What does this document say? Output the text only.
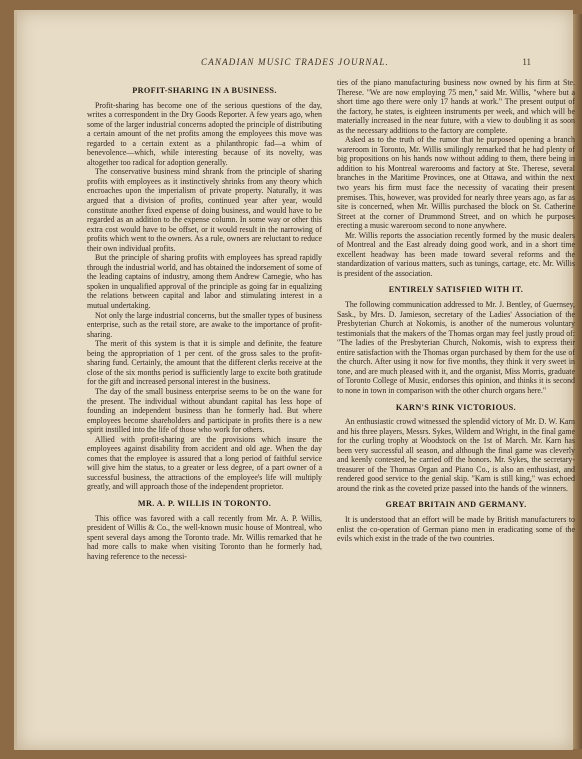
CANADIAN MUSIC TRADES JOURNAL.	11
PROFIT-SHARING IN A BUSINESS.

Profit-sharing has become one of the serious questions of the day, writes a correspondent in the Dry Goods Reporter. A few years ago, when some of the larger industrial concerns adopted the principle of distributing a certain amount of the net profits among the employees this move was regarded to a certain extent as a philanthropic fad—a whim of benevolence—which, while interesting because of its novelty, was altogether too radical for adoption generally.

The conservative business mind shrank from the principle of sharing profits with employees as it instinctively shrinks from any theory which encroaches upon the imperialism of private property. Naturally, it was argued that a division of profits, continued year after year, would constitute another fixed expense of doing business, and would have to be regarded as an addition to the expense column. In some way or other this extra cost would have to be offset, or it would result in the narrowing of profits which went to the owners. As a rule, owners are reluctant to reduce their own individual profits.

But the principle of sharing profits with employees has spread rapidly through the industrial world, and has obtained the indorsement of some of the leading captains of industry, among them Andrew Carnegie, who has spoken in unqualified approval of the principle as going far in equalizing the relations between capital and labor and stimulating interest in a mutual undertaking.

Not only the large industrial concerns, but the smaller types of business enterprise, such as the retail store, are awake to the importance of profit-sharing.

The merit of this system is that it is simple and definite, the feature being the appropriation of 1 per cent. of the gross sales to the profit-sharing fund. Certainly, the amount that the different clerks receive at the close of the six months period is sufficiently large to excite both gratitude for the gift and increased personal interest in the business.

The day of the small business enterprise seems to be on the wane for the present. The individual without abundant capital has less hope of founding an independent business than he formerly had. But where employees become shareholders and participate in profits there is a new spirit instilled into the life of those who work for others.

Allied with profit-sharing are the provisions which insure the employees against disability from accident and old age. When the day comes that the employee is assured that a long period of faithful service will give him the status, to a greater or less degree, of a part owner of a successful business, the attractions of the employee's life will multiply greatly, and will approach those of the independent proprietor.

MR. A. P. WILLIS IN TORONTO.

This office was favored with a call recently from Mr. A. P. Willis, president of Willis & Co., the well-known music house of Montreal, who spent several days among the Toronto trade. Mr. Willis remarked that he had more calls to make when visiting Toronto than he formerly had, having reference to the necessi-

ties of the piano manufacturing business now owned by his firm at Ste. Therese. "We are now employing 75 men," said Mr. Willis, "where but a short time ago there were only 17 hands at work." The present output of the factory, he states, is eighteen instruments per week, and which will be materially increased in the near future, with a view to doubling it as soon as the necessary additions to the factory are complete.

Asked as to the truth of the rumor that he purposed opening a branch wareroom in Toronto, Mr. Willis smilingly remarked that he had plenty of big propositions on his hands now without adding to them, there being in addition to his Montreal warerooms and factory at Ste. Therese, several branches in the Maritime Provinces, one at Ottawa, and within the next two years his firm must face the necessity of vacating their present premises. This, however, was provided for nearly three years ago, as far as site is concerned, when Mr. Willis purchased the block on St. Catherine Street at the corner of Drummond Street, and on which he purposes erecting a music wareroom second to none anywhere.

Mr. Willis reports the association recently formed by the music dealers of Montreal and the East already doing good work, and in a short time excellent headway has been made toward several reforms and the standardization of various matters, such as tunings, cartage, etc. Mr. Willis is president of the association.

ENTIRELY SATISFIED WITH IT.

The following communication addressed to Mr. J. Bentley, of Guernsey, Sask., by Mrs. D. Jamieson, secretary of the Ladies' Association of the Presbyterian Church at Nokomis, is another of the numerous voluntary testimonials that the makers of the Thomas organ may feel justly proud of: "The ladies of the Presbyterian Church, Nokomis, wish to express their entire satisfaction with the Thomas organ purchased by them for the use of the church. After using it now for five months, they think it very sweet in tone, and are much pleased with it, and the organist, Miss Morris, graduate of Toronto College of Music, endorses this opinion, and thinks it is second to none in town in comparison with the other church organs here."

KARN'S RINK VICTORIOUS.

An enthusiastic crowd witnessed the splendid victory of Mr. D. W. Karn and his three players, Messrs. Sykes, Wildern and Wright, in the final game for the curling trophy at Woodstock on the 1st of March. Mr. Karn has been very successful all season, and although the final game was cleverly and keenly contested, he carried off the honors. Mr. Sykes, the secretary-treasurer of the Thomas Organ and Piano Co., is also an enthusiast, and rendered good service to the genial skip. "Karn is still king," was echoed around the rink as the coveted prize passed into the hands of the winners.

GREAT BRITAIN AND GERMANY.

It is understood that an effort will be made by British manufacturers to enlist the co-operation of German piano men in eradicating some of the evils which exist in the trade of the two countries.
